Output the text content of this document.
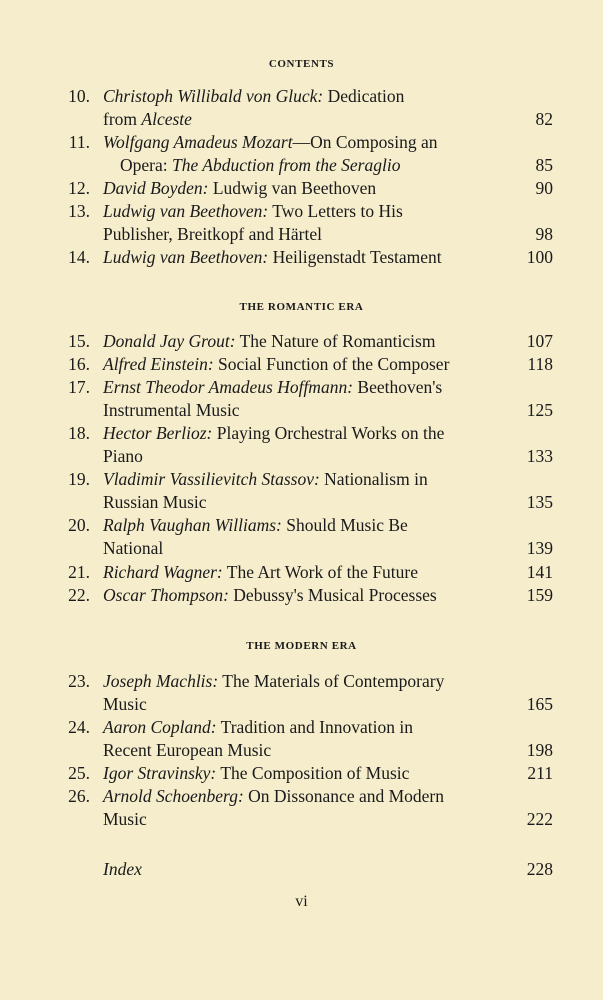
CONTENTS
10. Christoph Willibald von Gluck: Dedication
from Alceste	82
11. Wolfgang Amadeus Mozart—On Composing an
Opera: The Abduction from the Seraglio	85
12. David Boyden: Ludwig van Beethoven	90
13. Ludwig van Beethoven: Two Letters to His
Publisher, Breitkopf and Härtel	98
14. Ludwig van Beethoven: Heiligenstadt Testament	100
THE ROMANTIC ERA
15. Donald Jay Grout: The Nature of Romanticism	107
16. Alfred Einstein: Social Function of the Composer	118
17. Ernst Theodor Amadeus Hoffmann: Beethoven's
Instrumental Music	125
18. Hector Berlioz: Playing Orchestral Works on the
Piano	133
19. Vladimir Vassilievitch Stassov: Nationalism in
Russian Music	135
20. Ralph Vaughan Williams: Should Music Be
National	139
21. Richard Wagner: The Art Work of the Future	141
22. Oscar Thompson: Debussy's Musical Processes	159
THE MODERN ERA
23. Joseph Machlis: The Materials of Contemporary
Music	165
24. Aaron Copland: Tradition and Innovation in
Recent European Music	198
25. Igor Stravinsky: The Composition of Music	211
26. Arnold Schoenberg: On Dissonance and Modern
Music	222
Index	228
vi
